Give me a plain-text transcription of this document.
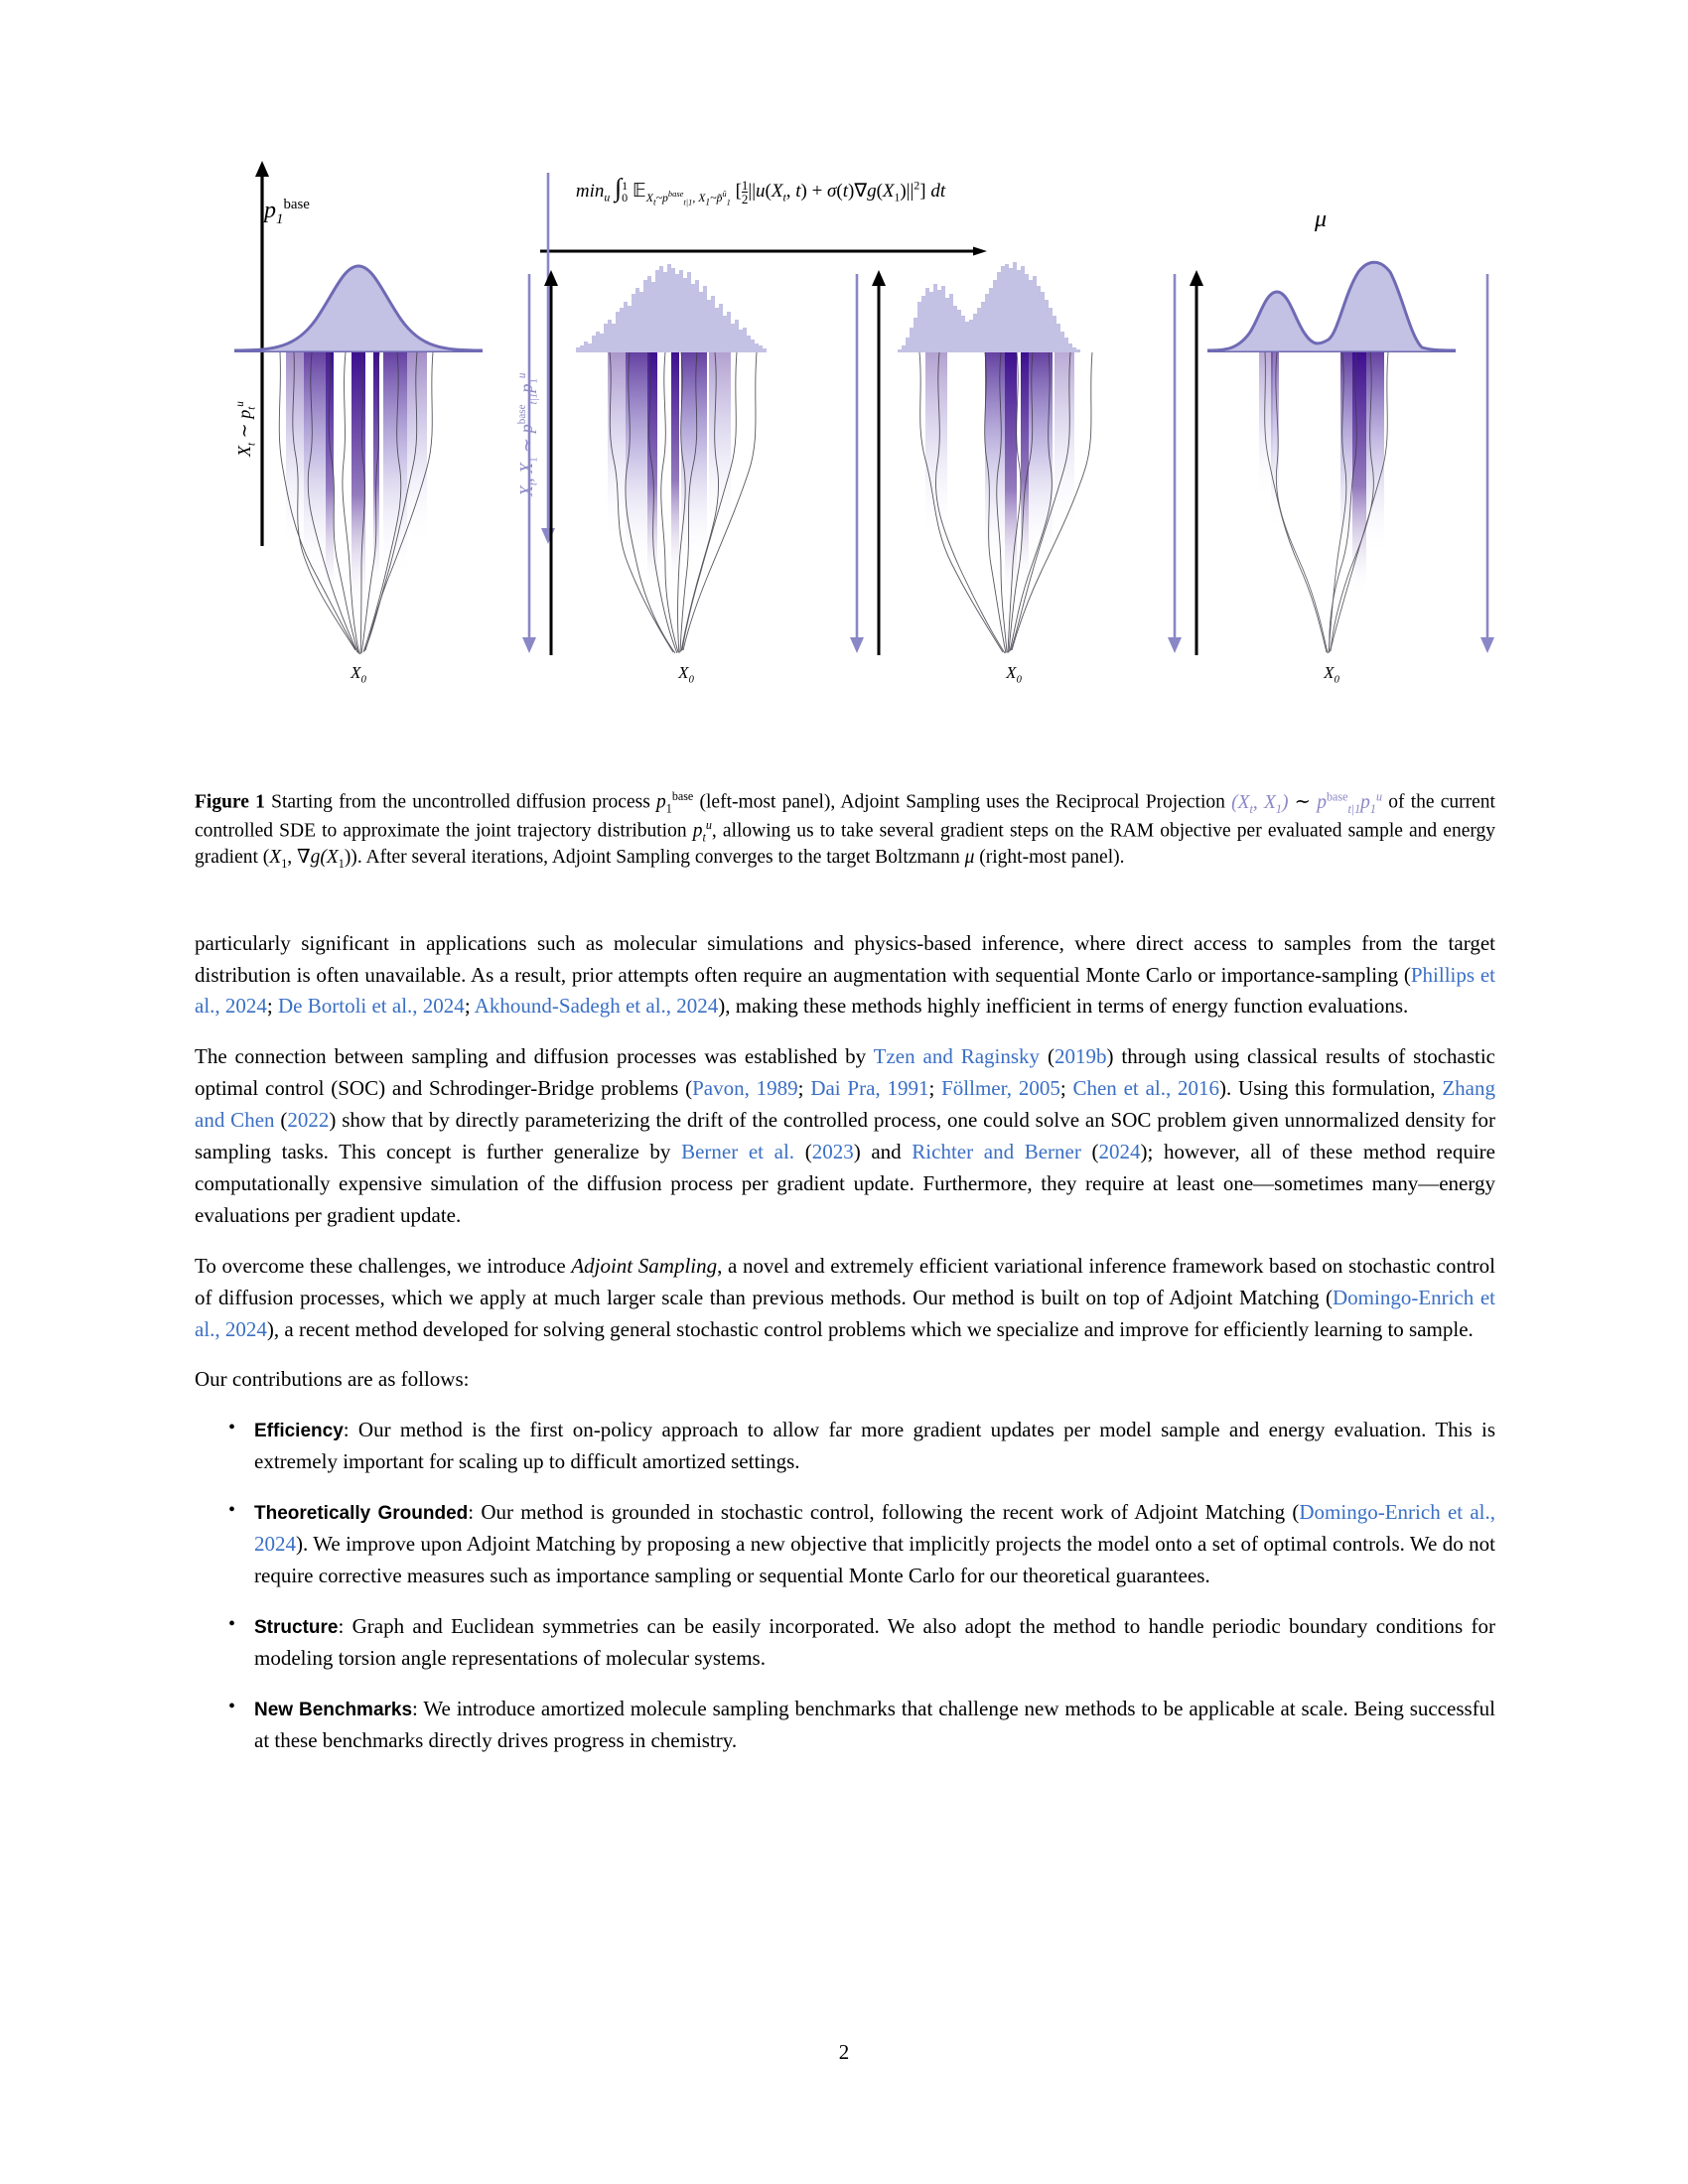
$\min_u$ ∫ 1
0 𝔼$_{X_t\sim p^{base}_{t|1}, X_1\sim p̃^{ū}_1}$ [ $\frac{1}{2} ||u(X_t$, $t) + \sigma(t)\nabla g(X_1)||^2$] dt
$p_1^{base}$
μ
$X_t$ ∼ $p_t^u$
$X_t$, $X_1$ ∼ $p^{base}_{t|1}p_1^u$
$X_0$	$X_0$	$X_0$	$X_0$
Figure 1 Starting from the uncontrolled diffusion process $p_1^{base}$ (left-most panel), Adjoint Sampling uses the Reciprocal Projection ($X_t$, $X_1$) ∼ $p^{base}_{t|1}p_1^u$ of the current controlled SDE to approximate the joint trajectory distribution $p_t^u$, allowing us to take several gradient steps on the RAM objective per evaluated sample and energy gradient ($X_1$, $\nabla g(X_1)$). After several iterations, Adjoint Sampling converges to the target Boltzmann μ (right-most panel).

particularly significant in applications such as molecular simulations and physics-based inference, where direct access to samples from the target distribution is often unavailable. As a result, prior attempts often require an augmentation with sequential Monte Carlo or importance-sampling (Phillips et al., 2024; De Bortoli et al., 2024; Akhound-Sadegh et al., 2024), making these methods highly inefficient in terms of energy function evaluations.

The connection between sampling and diffusion processes was established by Tzen and Raginsky (2019b) through using classical results of stochastic optimal control (SOC) and Schrodinger-Bridge problems (Pavon, 1989; Dai Pra, 1991; Föllmer, 2005; Chen et al., 2016). Using this formulation, Zhang and Chen (2022) show that by directly parameterizing the drift of the controlled process, one could solve an SOC problem given unnormalized density for sampling tasks. This concept is further generalize by Berner et al. (2023) and Richter and Berner (2024); however, all of these method require computationally expensive simulation of the diffusion process per gradient update. Furthermore, they require at least one—sometimes many—energy evaluations per gradient update.

To overcome these challenges, we introduce Adjoint Sampling, a novel and extremely efficient variational inference framework based on stochastic control of diffusion processes, which we apply at much larger scale than previous methods. Our method is built on top of Adjoint Matching (Domingo-Enrich et al., 2024), a recent method developed for solving general stochastic control problems which we specialize and improve for efficiently learning to sample.

Our contributions are as follows:

• Efficiency: Our method is the first on-policy approach to allow far more gradient updates per model sample and energy evaluation. This is extremely important for scaling up to difficult amortized settings.
• Theoretically Grounded: Our method is grounded in stochastic control, following the recent work of Adjoint Matching (Domingo-Enrich et al., 2024). We improve upon Adjoint Matching by proposing a new objective that implicitly projects the model onto a set of optimal controls. We do not require corrective measures such as importance sampling or sequential Monte Carlo for our theoretical guarantees.
• Structure: Graph and Euclidean symmetries can be easily incorporated. We also adopt the method to handle periodic boundary conditions for modeling torsion angle representations of molecular systems.
• New Benchmarks: We introduce amortized molecule sampling benchmarks that challenge new methods to be applicable at scale. Being successful at these benchmarks directly drives progress in chemistry.
2
